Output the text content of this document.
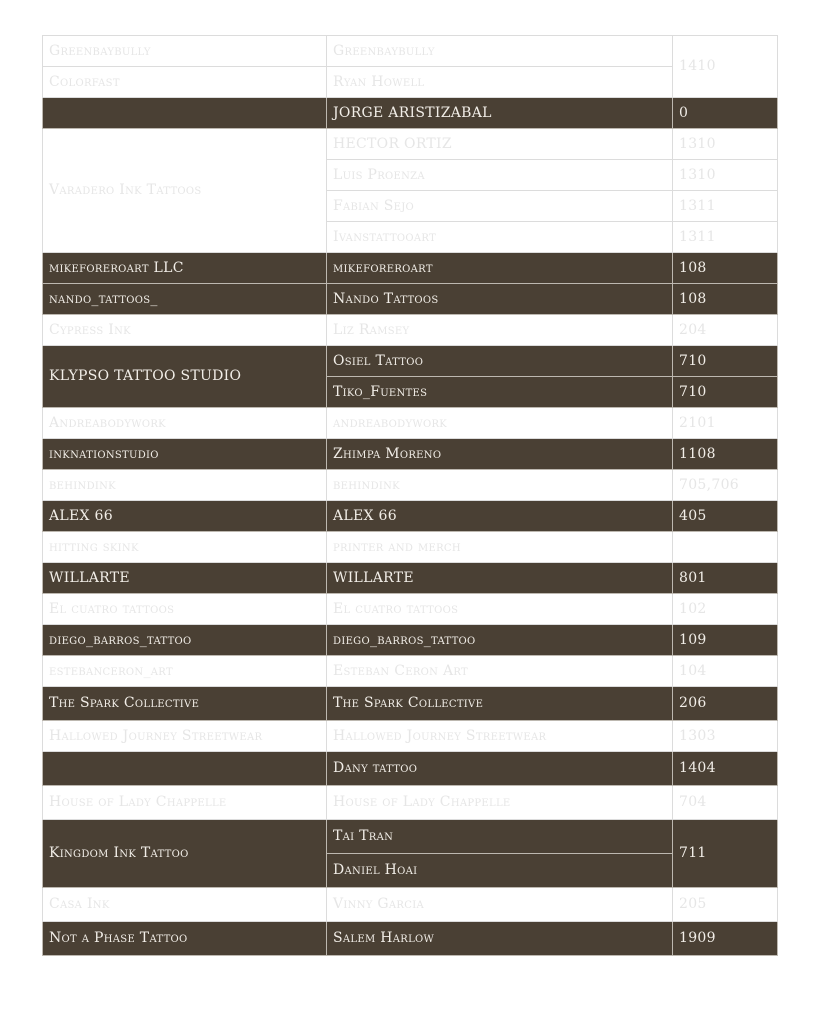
Greenbaybully	Greenbaybully	1410
Colorfast	Ryan Howell	
	JORGE ARISTIZABAL	0
Varadero Ink Tattoos	HECTOR ORTIZ	1310
	Luis Proenza	1310
	Fabian Sejo	1311
	Ivanstattooart	1311
mikeforeroart LLC	mikeforeroart	108
nando_tattoos_	Nando Tattoos	108
Cypress Ink	Liz Ramsey	204
KLYPSO TATTOO STUDIO	Osiel Tattoo	710
	Tiko_Fuentes	710
Andreabodywork	andreabodywork	2101
inknationstudio	Zhimpa Moreno	1108
behindink	behindink	705,706
ALEX 66	ALEX 66	405
hitting skink	printer and merch	
WILLARTE	WILLARTE	801
El cuatro tattoos	El cuatro tattoos	102
diego_barros_tattoo	diego_barros_tattoo	109
estebanceron_art	Esteban Ceron Art	104
The Spark Collective	The Spark Collective	206
Hallowed Journey Streetwear	Hallowed Journey Streetwear	1303
	Dany tattoo	1404
House of Lady Chappelle	House of Lady Chappelle	704
Kingdom Ink Tattoo	Tai Tran	711
	Daniel Hoai	
Casa Ink	Vinny Garcia	205
Not a Phase Tattoo	Salem Harlow	1909
